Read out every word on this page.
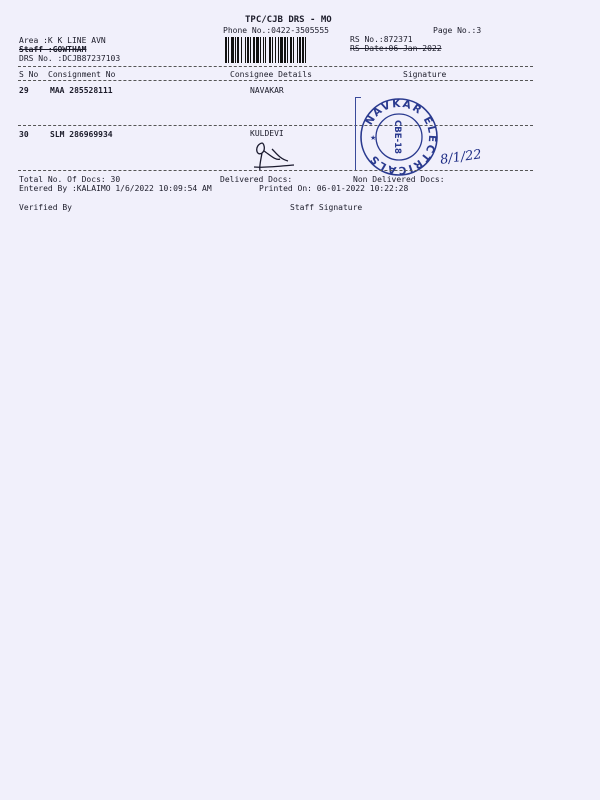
TPC/CJB DRS - MO
Phone No.:0422-3505555	Page No.:3
Area :K K LINE AVN
Staff :GOWTHAM
DRS No. :DCJB87237103
RS No.:872371
RS Date:06-Jan-2022
S No Consignment No	Consignee Details	Signature
29	MAA 285528111	NAVAKAR
30	SLM 286969934	KULDEVI
NAVKAR ELECTRICALS
CBE-18
★
8/1/22
Total No. Of Docs: 30	Delivered Docs:	Non Delivered Docs:
Entered By :KALAIMO 1/6/2022 10:09:54 AM	Printed On: 06-01-2022 10:22:28
Verified By	Staff Signature
